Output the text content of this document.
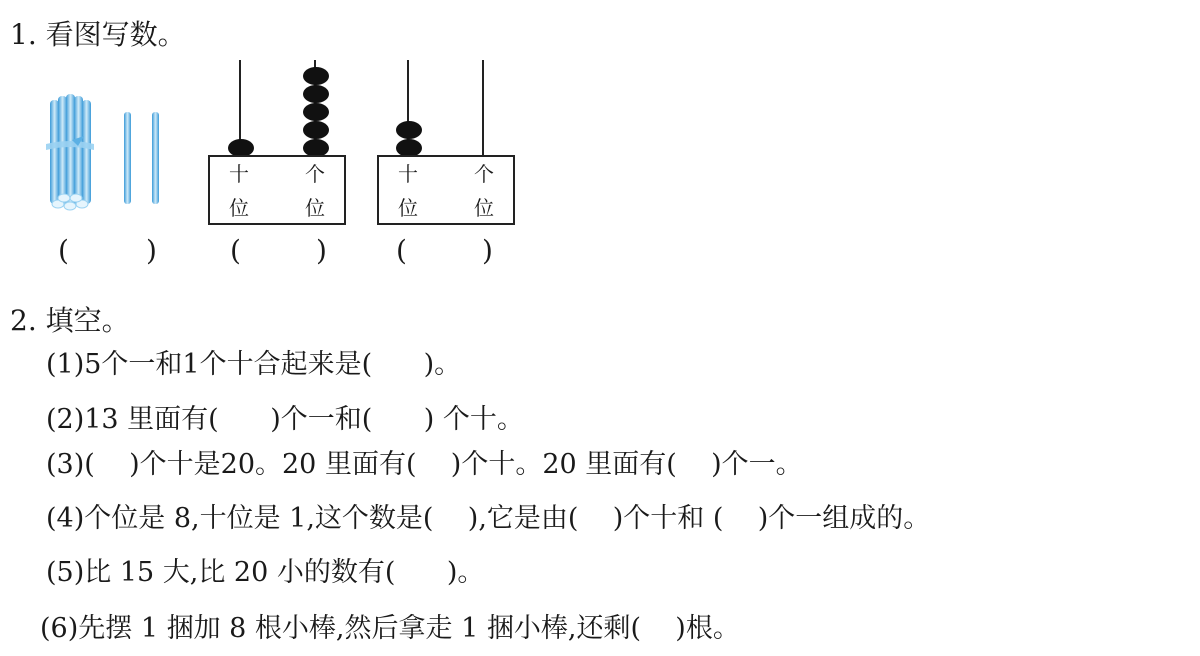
1. 看图写数。
(	)	(	) (	)
十
位
个
位
十
位
个
位
2. 填空。
(1)5个一和1个十合起来是(      )。
(2)13 里面有(      )个一和(      ) 个十。
(3)(    )个十是20。20 里面有(    )个十。20 里面有(    )个一。
(4)个位是 8,十位是 1,这个数是(    ),它是由(    )个十和 (    )个一组成的。
(5)比 15 大,比 20 小的数有(      )。
(6)先摆 1 捆加 8 根小棒,然后拿走 1 捆小棒,还剩(    )根。
